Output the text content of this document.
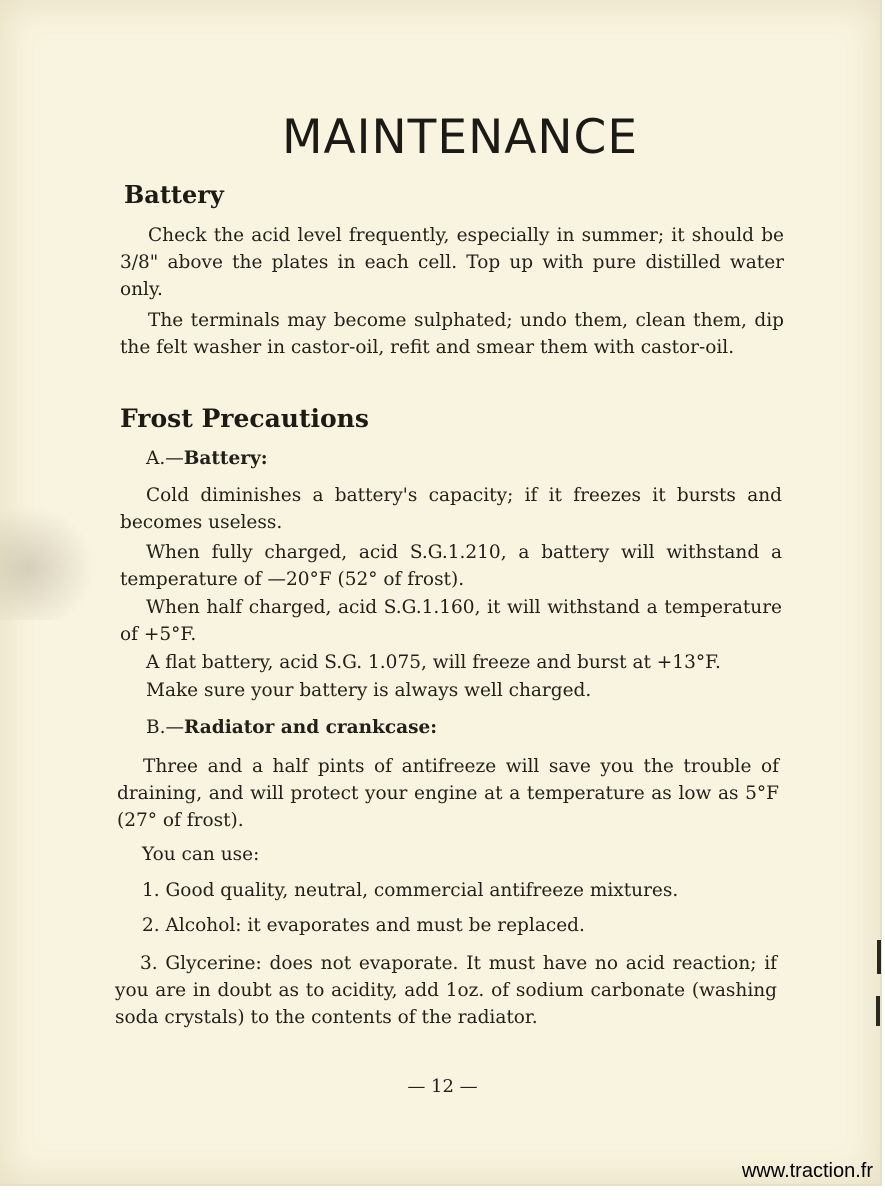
MAINTENANCE
Battery

Check the acid level frequently, especially in summer; it should be 3/8" above the plates in each cell. Top up with pure distilled water only.

The terminals may become sulphated; undo them, clean them, dip the felt washer in castor-oil, refit and smear them with castor-oil.

Frost Precautions

A.—Battery:

Cold diminishes a battery's capacity; if it freezes it bursts and becomes useless.

When fully charged, acid S.G.1.210, a battery will withstand a temperature of —20°F (52° of frost).

When half charged, acid S.G.1.160, it will withstand a temperature of +5°F.

A flat battery, acid S.G. 1.075, will freeze and burst at +13°F.

Make sure your battery is always well charged.

B.—Radiator and crankcase:

Three and a half pints of antifreeze will save you the trouble of draining, and will protect your engine at a temperature as low as 5°F (27° of frost).

You can use:

1. Good quality, neutral, commercial antifreeze mixtures.

2. Alcohol: it evaporates and must be replaced.

3. Glycerine: does not evaporate. It must have no acid reaction; if you are in doubt as to acidity, add 1oz. of sodium carbonate (washing soda crystals) to the contents of the radiator.

— 12 —
www.traction.fr
